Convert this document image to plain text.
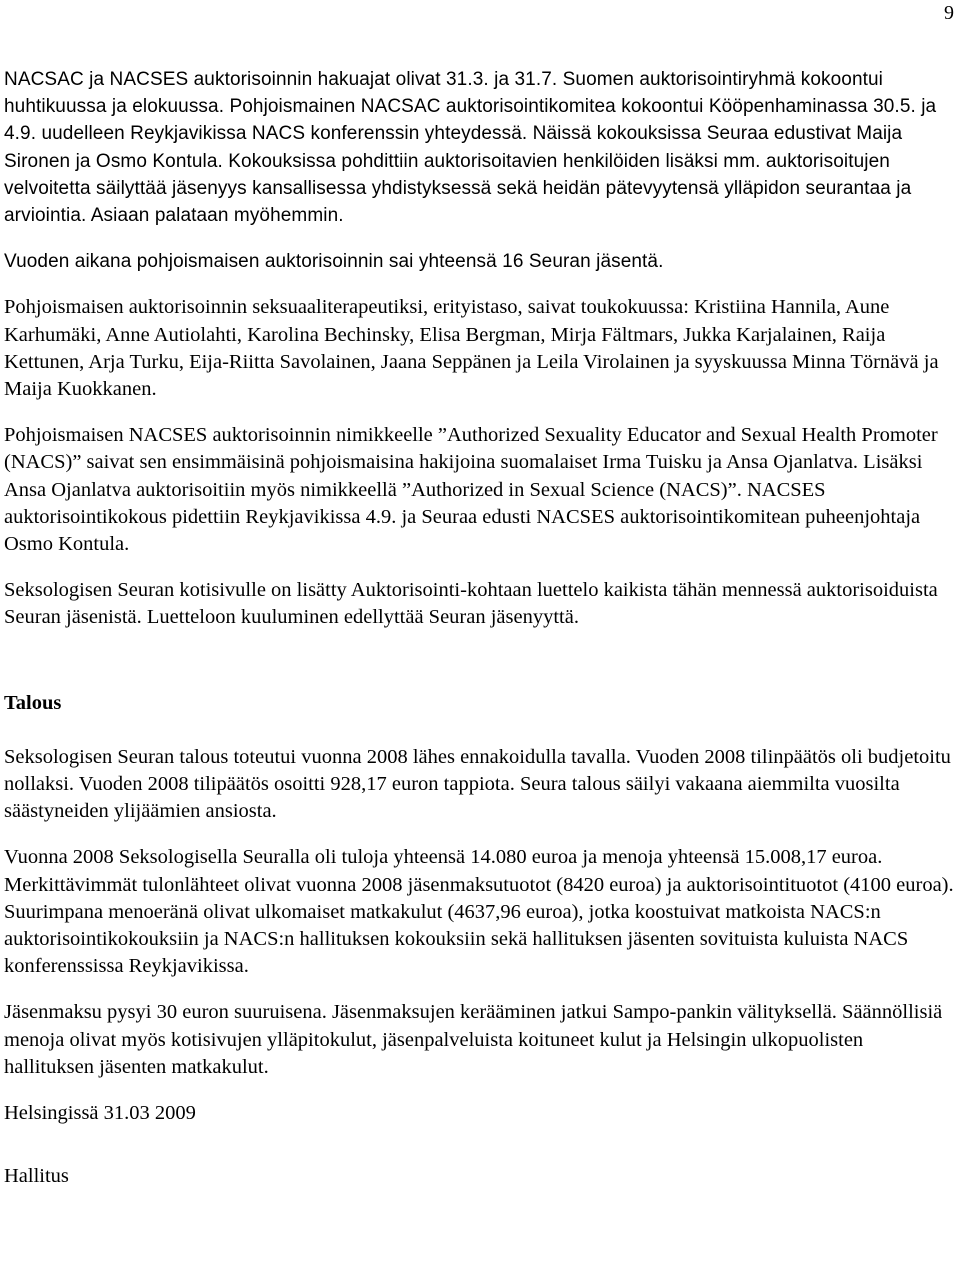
9

NACSAC ja NACSES auktorisoinnin hakuajat olivat 31.3. ja 31.7. Suomen auktorisointiryhmä kokoontui huhtikuussa ja elokuussa. Pohjoismainen NACSAC auktorisointikomitea kokoontui Kööpenhaminassa 30.5. ja 4.9. uudelleen Reykjavikissa NACS konferenssin yhteydessä. Näissä kokouksissa Seuraa edustivat Maija Sironen ja Osmo Kontula. Kokouksissa pohdittiin auktorisoitavien henkilöiden lisäksi mm. auktorisoitujen velvoitetta säilyttää jäsenyys kansallisessa yhdistyksessä sekä heidän pätevyytensä ylläpidon seurantaa ja arviointia. Asiaan palataan myöhemmin.

Vuoden aikana pohjoismaisen auktorisoinnin sai yhteensä 16 Seuran jäsentä.

Pohjoismaisen auktorisoinnin seksuaaliterapeutiksi, erityistaso, saivat toukokuussa: Kristiina Hannila, Aune Karhumäki, Anne Autiolahti, Karolina Bechinsky, Elisa Bergman, Mirja Fältmars, Jukka Karjalainen, Raija Kettunen, Arja Turku, Eija-Riitta Savolainen, Jaana Seppänen ja Leila Virolainen ja syyskuussa Minna Törnävä ja Maija Kuokkanen.

Pohjoismaisen NACSES auktorisoinnin nimikkeelle ”Authorized Sexuality Educator and Sexual Health Promoter (NACS)” saivat sen ensimmäisinä pohjoismaisina hakijoina suomalaiset Irma Tuisku ja Ansa Ojanlatva. Lisäksi Ansa Ojanlatva auktorisoitiin myös nimikkeellä ”Authorized in Sexual Science (NACS)”. NACSES auktorisointikokous pidettiin Reykjavikissa 4.9. ja Seuraa edusti NACSES auktorisointikomitean puheenjohtaja Osmo Kontula.

Seksologisen Seuran kotisivulle on lisätty Auktorisointi-kohtaan luettelo kaikista tähän mennessä auktorisoiduista Seuran jäsenistä. Luetteloon kuuluminen edellyttää Seuran jäsenyyttä.

Talous

Seksologisen Seuran talous toteutui vuonna 2008 lähes ennakoidulla tavalla. Vuoden 2008 tilinpäätös oli budjetoitu nollaksi. Vuoden 2008 tilipäätös osoitti 928,17 euron tappiota. Seura talous säilyi vakaana aiemmilta vuosilta säästyneiden ylijäämien ansiosta.

Vuonna 2008 Seksologisella Seuralla oli tuloja yhteensä 14.080 euroa ja menoja yhteensä 15.008,17 euroa. Merkittävimmät tulonlähteet olivat vuonna 2008 jäsenmaksutuotot (8420 euroa) ja auktorisointituotot (4100 euroa). Suurimpana menoeränä olivat ulkomaiset matkakulut (4637,96 euroa), jotka koostuivat matkoista NACS:n auktorisointikokouksiin ja NACS:n hallituksen kokouksiin sekä hallituksen jäsenten sovituista kuluista NACS konferenssissa Reykjavikissa.

Jäsenmaksu pysyi 30 euron suuruisena. Jäsenmaksujen kerääminen jatkui Sampo-pankin välityksellä. Säännöllisiä menoja olivat myös kotisivujen ylläpitokulut, jäsenpalveluista koituneet kulut ja Helsingin ulkopuolisten hallituksen jäsenten matkakulut.

Helsingissä 31.03 2009

Hallitus
